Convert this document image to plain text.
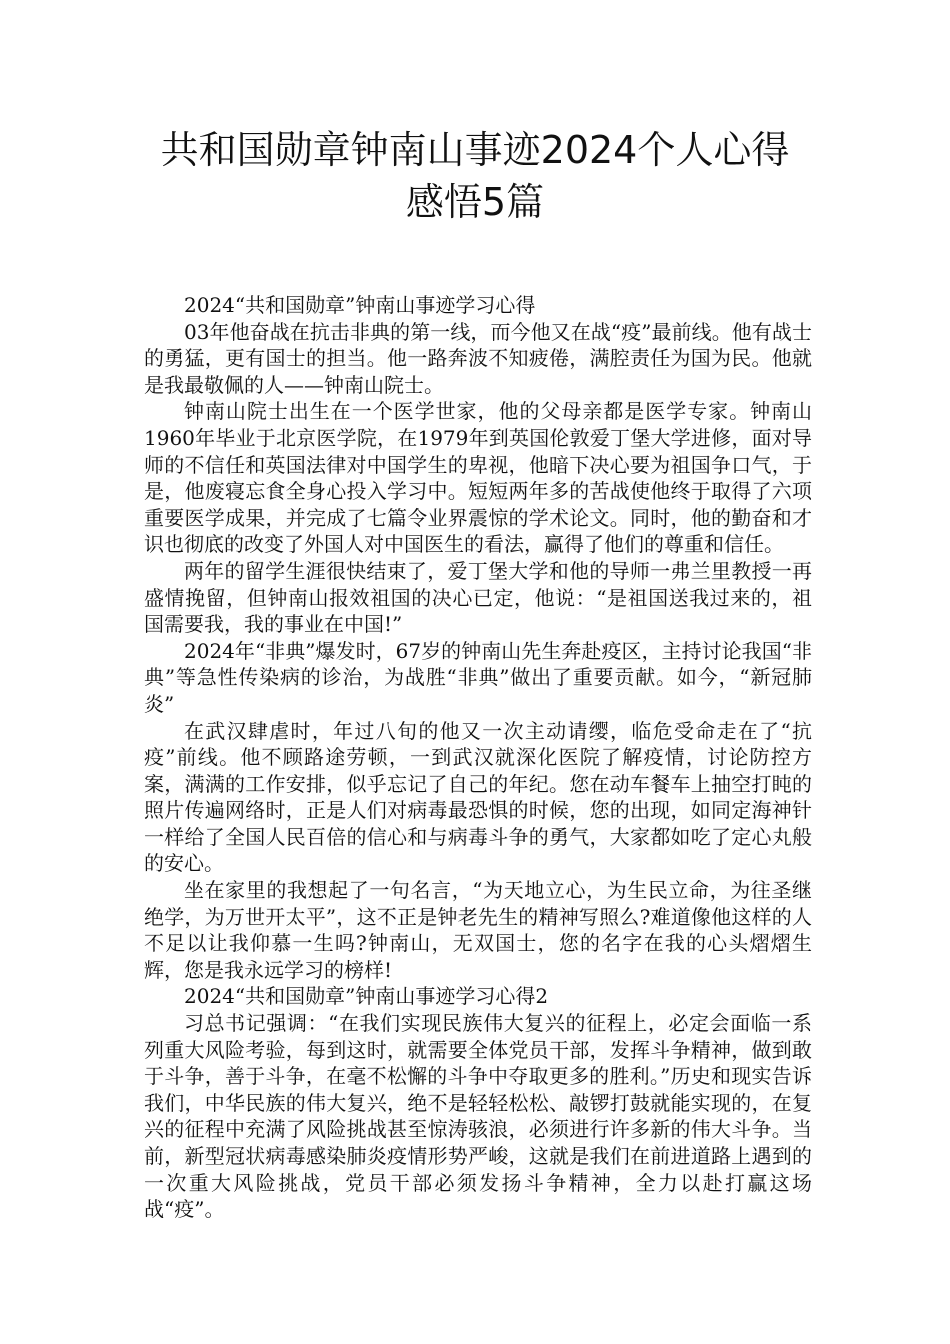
共和国勋章钟南山事迹2024个人心得
感悟5篇

2024“共和国勋章”钟南山事迹学习心得

03年他奋战在抗击非典的第一线，而今他又在战“疫”最前线。他有战士的勇猛，更有国士的担当。他一路奔波不知疲倦，满腔责任为国为民。他就是我最敬佩的人——钟南山院士。

钟南山院士出生在一个医学世家，他的父母亲都是医学专家。钟南山1960年毕业于北京医学院，在1979年到英国伦敦爱丁堡大学进修，面对导师的不信任和英国法律对中国学生的卑视，他暗下决心要为祖国争口气，于是，他废寝忘食全身心投入学习中。短短两年多的苦战使他终于取得了六项重要医学成果，并完成了七篇令业界震惊的学术论文。同时，他的勤奋和才识也彻底的改变了外国人对中国医生的看法，赢得了他们的尊重和信任。

两年的留学生涯很快结束了，爱丁堡大学和他的导师一弗兰里教授一再盛情挽留，但钟南山报效祖国的决心已定，他说：“是祖国送我过来的，祖国需要我，我的事业在中国!”

2024年“非典”爆发时，67岁的钟南山先生奔赴疫区，主持讨论我国“非典”等急性传染病的诊治，为战胜“非典”做出了重要贡献。如今，“新冠肺炎”

在武汉肆虐时，年过八旬的他又一次主动请缨，临危受命走在了“抗疫”前线。他不顾路途劳顿，一到武汉就深化医院了解疫情，讨论防控方案，满满的工作安排，似乎忘记了自己的年纪。您在动车餐车上抽空打盹的照片传遍网络时，正是人们对病毒最恐惧的时候，您的出现，如同定海神针一样给了全国人民百倍的信心和与病毒斗争的勇气，大家都如吃了定心丸般的安心。

坐在家里的我想起了一句名言，“为天地立心，为生民立命，为往圣继绝学，为万世开太平”，这不正是钟老先生的精神写照么?难道像他这样的人不足以让我仰慕一生吗?钟南山，无双国士，您的名字在我的心头熠熠生辉，您是我永远学习的榜样!

2024“共和国勋章”钟南山事迹学习心得2

习总书记强调：“在我们实现民族伟大复兴的征程上，必定会面临一系列重大风险考验，每到这时，就需要全体党员干部，发挥斗争精神，做到敢于斗争，善于斗争，在毫不松懈的斗争中夺取更多的胜利。”历史和现实告诉我们，中华民族的伟大复兴，绝不是轻轻松松、敲锣打鼓就能实现的，在复兴的征程中充满了风险挑战甚至惊涛骇浪，必须进行许多新的伟大斗争。当前，新型冠状病毒感染肺炎疫情形势严峻，这就是我们在前进道路上遇到的一次重大风险挑战，党员干部必须发扬斗争精神，全力以赴打赢这场战“疫”。
